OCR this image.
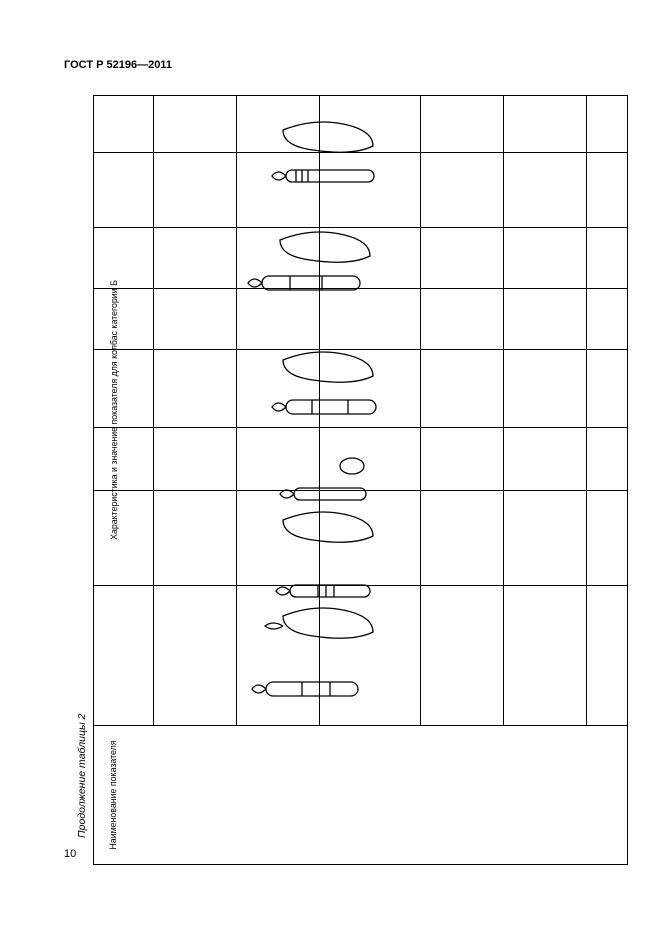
ГОСТ Р 52196—2011
10
Продолжение таблицы 2 Наименование показателя
Характеристика и значение показателя для колбас категории Б
